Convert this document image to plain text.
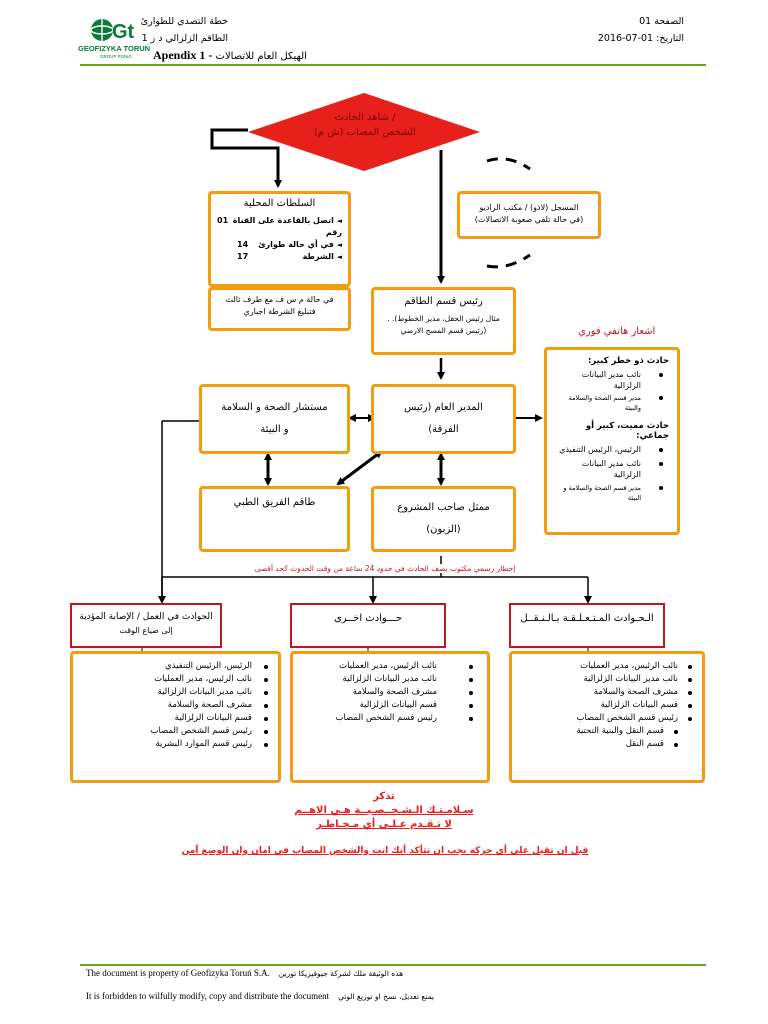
Gt
GEOFIZYKA TORUŃ
GROUP PGNiG
خطة التصدي للطوارئ
الطاقم الزلزالي د ز 1
Apendix 1 - الهيكل العام للاتصالات
الصفحة 01
التاريخ: 01-07-2016
/ شاهد الحادث
الشخص المصاب (ش م)
السلطات المحلية
◄ اتصل بالقاعدة على القناة رقم
01
◄ في أي حالة طوارئ
14
◄ الشرطة
17
في حالة م س ف مع طرف ثالث
فتبليغ الشرطة اجباري
المسجل (لاذو) / مكتب الراديو
(في حالة تلقي صعوبة الاتصالات)
رئيس قسم الطاقم
مثال رئيس الحقل، مدير الخطوط). .
(رئيس قسم المسح الارضي	اشعار هاتفي فوري
حادث ذو خطر كبير:
نائب مدير البيانات الزلزالية
مدير قسم الصحة والسلامة والبيئة
حادث مميت، كبير أو جماعي:
الرئيس، الرئيس التنفيذي
نائب مدير البيانات الزلزالية
مدير قسم الصحة والسلامة و البيئة
مستشار الصحة و السلامة
و البيئة
المدير العام (رئيس
الفرقة)
طاقم الفريق الطبي	ممثل صاحب المشروع
(الزبون)
إخطار رسمي مكتوب يصف الحادث في حدود 24 ساعة من وقت الحدوث كحد أقصى
الحوادث في العمل / الإصابة المؤدية
إلى ضياع الوقت
حـــوادث اخــرى	الـحـوادث المـتـعـلـقـة بـالـنـقــل
الرئيس، الرئيس التنفيذي
نائب الرئيس، مدير العمليات
نائب مدير البيانات الزلزالية
مشرف الصحة والسلامة
قسم البيانات الزلزالية
رئيس قسم الشخص المصاب
رئيس قسم الموارد البشرية
نائب الرئيس، مدير العمليات
نائب مدير البيانات الزلزالية
مشرف الصحة والسلامة
قسم البيانات الزلزالية
رئيس قسم الشخص المصاب
نائب الرئيس، مدير العمليات
نائب مدير البيانات الزلزالية
مشرف الصحة والسلامة
قسم البيانات الزلزالية
رئيس قسم الشخص المصاب
قسم النقل والبنية التحتية
قسم النقل
تذكر
سـلامـتـك الـشـخــصـيــة هـي الاهــم
لا تـقـدم عـلـى أي مـخـاطـر
قبل ان تقبل على أي حركة يجب ان تتأكد أنك انت والشخص المصاب في امان وان الوضع آمن
The document is property of Geofizyka Toruń S.A. هذه الوثيقة ملك لشركة جيوفيزيكا تورين
It is forbidden to wilfully modify, copy and distribute the document يمنع تعديل، نسخ او توزيع الوثي
